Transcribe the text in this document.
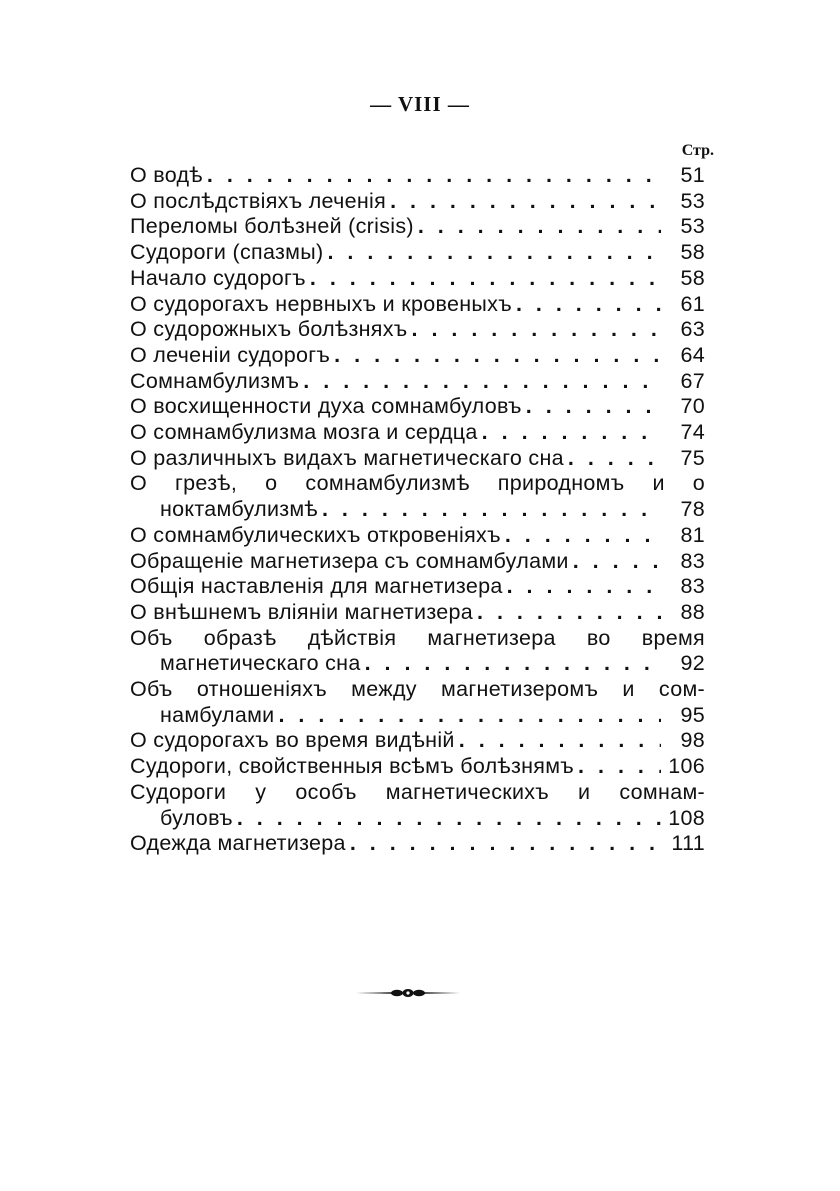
— VIII —
Стр.
О водѣ . . .	51
О послѣдствіяхъ леченія . . .	53
Переломы болѣзней (crisis) . . .	53
Судороги (спазмы) . . .	58
Начало судорогъ . . .	58
О судорогахъ нервныхъ и кровеныхъ . . .	61
О судорожныхъ болѣзняхъ . . .	63
О леченіи судорогъ . . .	64
Сомнамбулизмъ . . .	67
О восхищенности духа сомнамбуловъ . . .	70
О сомнамбулизма мозга и сердца . . .	74
О различныхъ видахъ магнетическаго сна . . .	75
О грезѣ, о сомнамбулизмѣ природномъ и о
ноктамбулизмѣ . . .	78
О сомнамбулическихъ откровеніяхъ . . .	81
Обращеніе магнетизера съ сомнамбулами . . .	83
Общія наставленія для магнетизера . . .	83
О внѣшнемъ вліяніи магнетизера . . .	88
Объ образѣ дѣйствія магнетизера во время
магнетическаго сна . . .	92
Объ отношеніяхъ между магнетизеромъ и сом-
намбулами . . .	95
О судорогахъ во время видѣній . . .	98
Судороги, свойственныя всѣмъ болѣзнямъ . . .	106
Судороги у особъ магнетическихъ и сомнам-
буловъ . . .	108
Одежда магнетизера . . .	111
